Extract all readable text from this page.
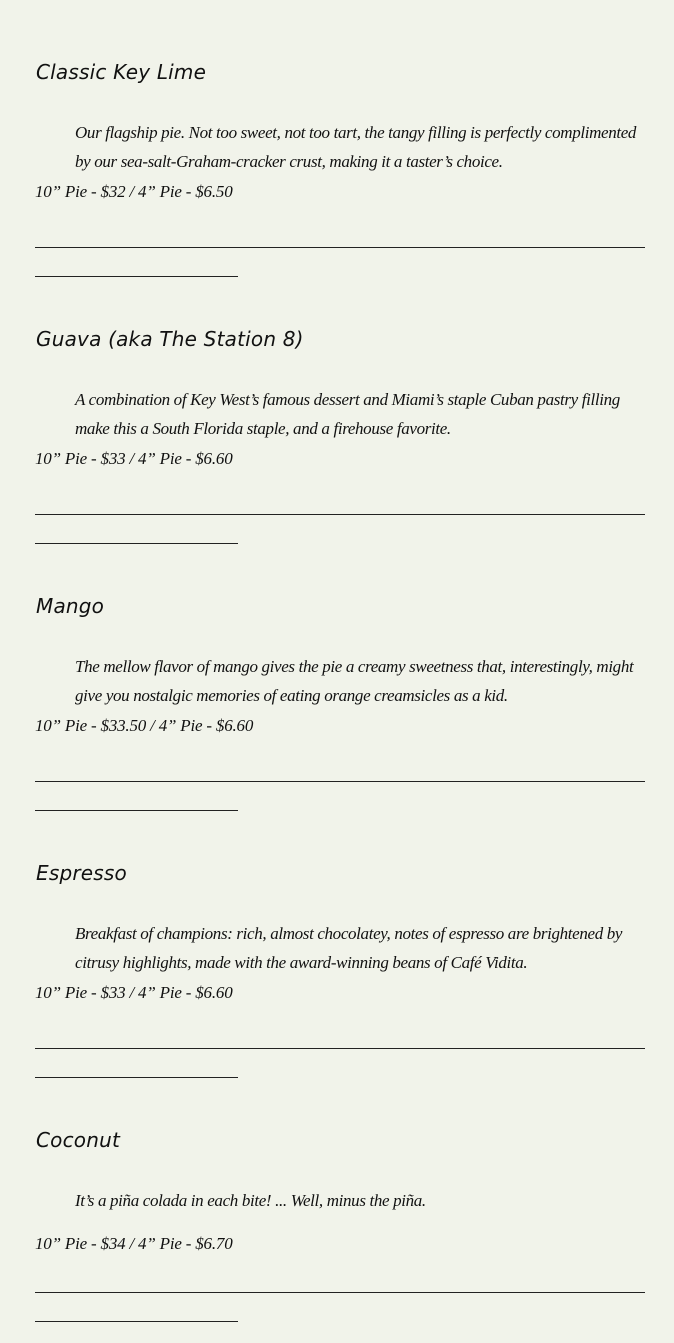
Classic Key Lime

Our flagship pie. Not too sweet, not too tart, the tangy filling is perfectly complimented by our sea-salt-Graham-cracker crust, making it a taster’s choice.

10” Pie - $32 / 4” Pie - $6.50

Guava (aka The Station 8)

A combination of Key West’s famous dessert and Miami’s staple Cuban pastry filling make this a South Florida staple, and a firehouse favorite.

10” Pie - $33 / 4” Pie - $6.60

Mango

The mellow flavor of mango gives the pie a creamy sweetness that, interestingly, might give you nostalgic memories of eating orange creamsicles as a kid.

10” Pie - $33.50 / 4” Pie - $6.60

Espresso

Breakfast of champions: rich, almost chocolatey, notes of espresso are brightened by citrusy highlights, made with the award-winning beans of Café Vidita.

10” Pie - $33 / 4” Pie - $6.60

Coconut

It’s a piña colada in each bite! ... Well, minus the piña.

10” Pie - $34 / 4” Pie - $6.70
